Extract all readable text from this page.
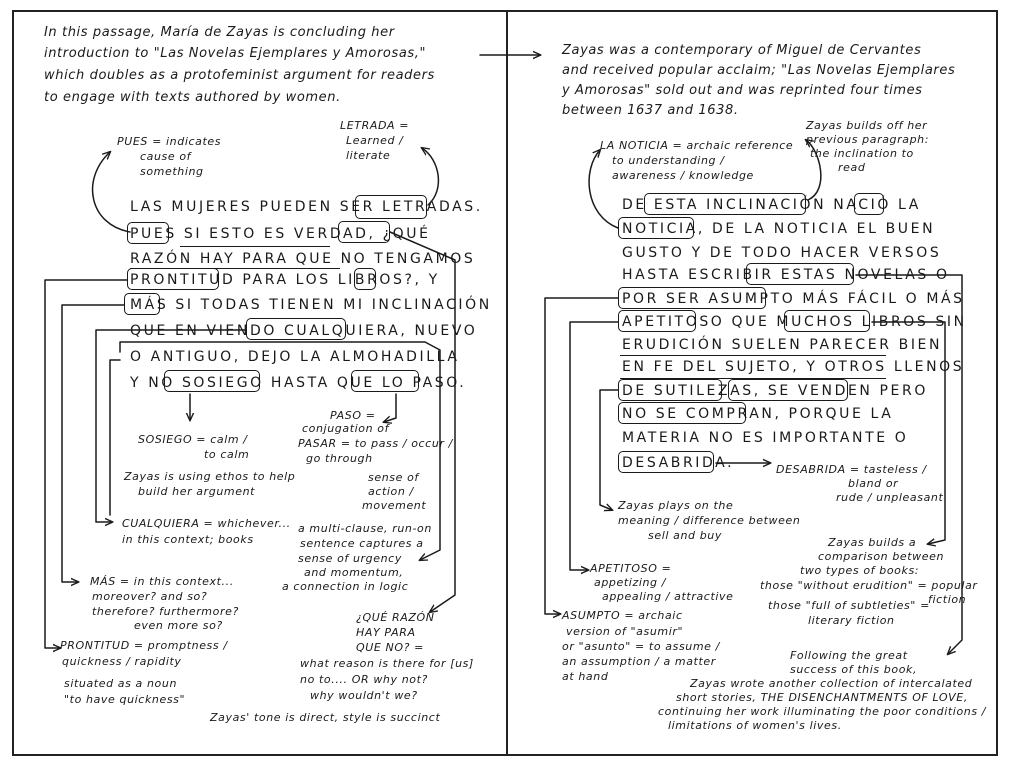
In this passage, María de Zayas is concluding her
introduction to "Las Novelas Ejemplares y Amorosas,"
which doubles as a protofeminist argument for readers
to engage with texts authored by women.
LAS MUJERES PUEDEN SER LETRADAS.
PUES SI ESTO ES VERDAD, ¿QUÉ
RAZÓN HAY PARA QUE NO TENGAMOS
PRONTITUD PARA LOS LIBROS?, Y
MÁS SI TODAS TIENEN MI INCLINACIÓN
QUE EN VIENDO CUALQUIERA, NUEVO
O ANTIGUO, DEJO LA ALMOHADILLA
Y NO SOSIEGO HASTA QUE LO PASO.
PUES = indicates
cause of
something
LETRADA =
Learned /
literate
SOSIEGO = calm /
to calm
Zayas is using ethos to help
build her argument
PASO =
conjugation of
PASAR = to pass / occur /
go through
sense of
action /
movement
CUALQUIERA = whichever...
in this context; books
a multi-clause, run-on
sentence captures a
sense of urgency
and momentum,
a connection in logic
MÁS = in this context...
moreover? and so?
therefore? furthermore?
even more so?
¿QUÉ RAZÓN
HAY PARA
QUE NO? =
what reason is there for [us]
no to.... OR why not?
why wouldn't we?
PRONTITUD = promptness /
quickness / rapidity
situated as a noun
"to have quickness"
Zayas' tone is direct, style is succinct
Zayas was a contemporary of Miguel de Cervantes
and received popular acclaim; "Las Novelas Ejemplares
y Amorosas" sold out and was reprinted four times
between 1637 and 1638.
DE ESTA INCLINACIÓN NACIÓ LA
NOTICIA, DE LA NOTICIA EL BUEN
GUSTO Y DE TODO HACER VERSOS
HASTA ESCRIBIR ESTAS NOVELAS O
POR SER ASUMPTO MÁS FÁCIL O MÁS
APETITOSO QUE MUCHOS LIBROS SIN
ERUDICIÓN SUELEN PARECER BIEN
EN FE DEL SUJETO, Y OTROS LLENOS
DE SUTILEZAS, SE VENDEN PERO
NO SE COMPRAN, PORQUE LA
MATERIA NO ES IMPORTANTE O
DESABRIDA.
LA NOTICIA = archaic reference
to understanding /
awareness / knowledge
Zayas builds off her
previous paragraph:
the inclination to
read
DESABRIDA = tasteless /
bland or
rude / unpleasant
Zayas plays on the
meaning / difference between
sell and buy
Zayas builds a
comparison between
two types of books:
those "without erudition" = popular
fiction
those "full of subtleties" =
literary fiction
APETITOSO =
appetizing /
appealing / attractive
ASUMPTO = archaic
version of "asumir"
or "asunto" = to assume /
an assumption / a matter
at hand
Following the great
success of this book,
Zayas wrote another collection of intercalated
short stories, THE DISENCHANTMENTS OF LOVE,
continuing her work illuminating the poor conditions /
limitations of women's lives.
